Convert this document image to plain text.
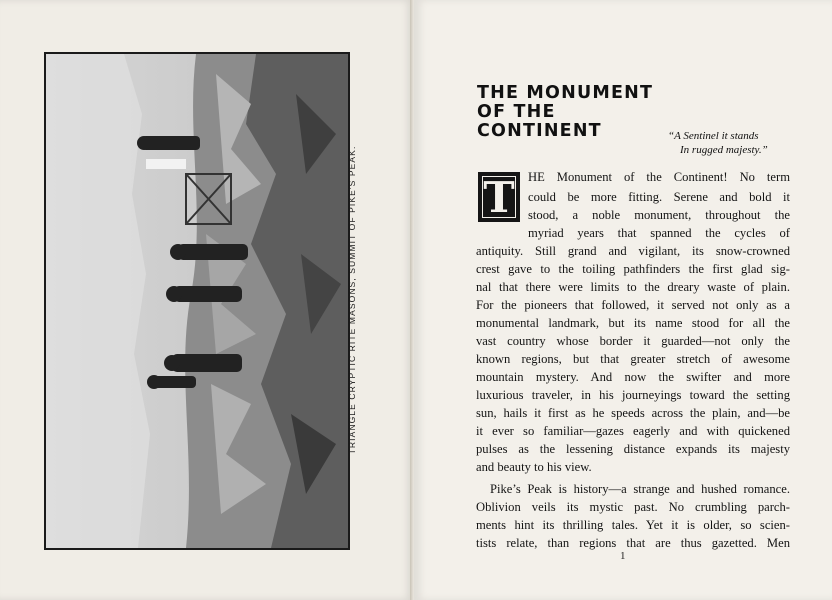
TRIANGLE CRYPTIC RITE MASONS, SUMMIT OF PIKE'S PEAK.
THE MONUMENT
OF THE
CONTINENT	“A Sentinel it stands
In rugged majesty.”
T	HE Monument of the Continent! No term
could be more fitting. Serene and bold it
stood, a noble monument, throughout the
myriad years that spanned the cycles of
antiquity. Still grand and vigilant, its snow-crowned
crest gave to the toiling pathfinders the first glad sig-
nal that there were limits to the dreary waste of plain.
For the pioneers that followed, it served not only as a
monumental landmark, but its name stood for all the
vast country whose border it guarded—not only the
known regions, but that greater stretch of awesome
mountain mystery. And now the swifter and more
luxurious traveler, in his journeyings toward the setting
sun, hails it first as he speeds across the plain, and—be
it ever so familiar—gazes eagerly and with quickened
pulses as the lessening distance expands its majesty
and beauty to his view.
Pike’s Peak is history—a strange and hushed romance.
Oblivion veils its mystic past. No crumbling parch-
ments hint its thrilling tales. Yet it is older, so scien-
tists relate, than regions that are thus gazetted. Men
1
